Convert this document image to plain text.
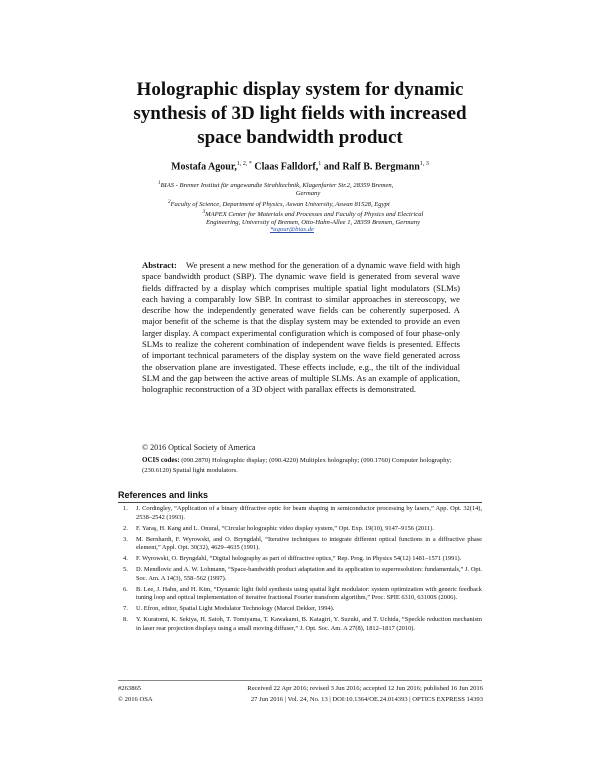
Holographic display system for dynamic
synthesis of 3D light fields with increased
space bandwidth product
Mostafa Agour,$^{1, 2, *}$ Claas Falldorf,$^1$ and Ralf B. Bergmann$^{1, 3}$
$^1$BIAS - Bremer Institut für angewandte Strahltechnik, Klagenfurter Str.2, 28359 Bremen,

Germany
$^2$Faculty of Science, Department of Physics, Aswan University, Aswan 81528, Egypt
$^3$MAPEX Center for Materials and Processes and Faculty of Physics and Electrical
Engineering, University of Bremen, Otto-Hahn-Allee 1, 28359 Bremen, Germany
*agour@bias.de
Abstract: We present a new method for the generation of a dynamic wave field with high space bandwidth product (SBP). The dynamic wave field is generated from several wave fields diffracted by a display which comprises multiple spatial light modulators (SLMs) each having a comparably low SBP. In contrast to similar approaches in stereoscopy, we describe how the independently generated wave fields can be coherently superposed. A major benefit of the scheme is that the display system may be extended to provide an even larger display. A compact experimental configuration which is composed of four phase-only SLMs to realize the coherent combination of independent wave fields is presented. Effects of important technical parameters of the display system on the wave field generated across the observation plane are investigated. These effects include, e.g., the tilt of the individual SLM and the gap between the active areas of multiple SLMs. As an example of application, holographic reconstruction of a 3D object with parallax effects is demonstrated.
© 2016 Optical Society of America
OCIS codes: (090.2870) Holographic display; (090.4220) Multiplex holography; (090.1760) Computer holography; (230.6120) Spatial light modulators.
References and links
1. J. Cordingley, “Application of a binary diffractive optic for beam shaping in semiconductor processing by lasers,” App. Opt. 32(14), 2538–2542 (1993).
2. F. Yaraş, H. Kang and L. Onural, “Circular holographic video display system,” Opt. Exp. 19(10), 9147–9156 (2011).
3. M. Bernhardt, F. Wyrowski, and O. Bryngdahl, “Iterative techniques to integrate different optical functions in a diffractive phase element,” Appl. Opt. 30(32), 4629–4635 (1991).
4. F. Wyrowski, O. Bryngdahl, “Digital holography as part of diffractive optics,” Rep. Prog. in Physics 54(12) 1481–1571 (1991).
5. D. Mendlovic and A. W. Lohmann, “Space-bandwidth product adaptation and its application to superresolution: fundamentals,” J. Opt. Soc. Am. A 14(3), 558–562 (1997).
6. B. Lee, J. Hahn, and H. Kim, “Dynamic light field synthesis using spatial light modulator: system optimization with generic feedback tuning loop and optical implementation of iterative fractional Fourier transform algorithm,” Proc. SPIE 6310, 63100S (2006).
7. U. Efron, editor, Spatial Light Modulator Technology (Marcel Dekker, 1994).
8. Y. Kuratomi, K. Sekiya, H. Satoh, T. Tomiyama, T. Kawakami, B. Katagiri, Y. Suzuki, and T. Uchida, “Speckle reduction mechanism in laser rear projection displays using a small moving diffuser,” J. Opt. Soc. Am. A 27(8), 1812–1817 (2010).
#263865
© 2016 OSA
Received 22 Apr 2016; revised 3 Jun 2016; accepted 12 Jun 2016; published 16 Jun 2016
27 Jun 2016 | Vol. 24, No. 13 | DOI:10.1364/OE.24.014393 | OPTICS EXPRESS 14393
